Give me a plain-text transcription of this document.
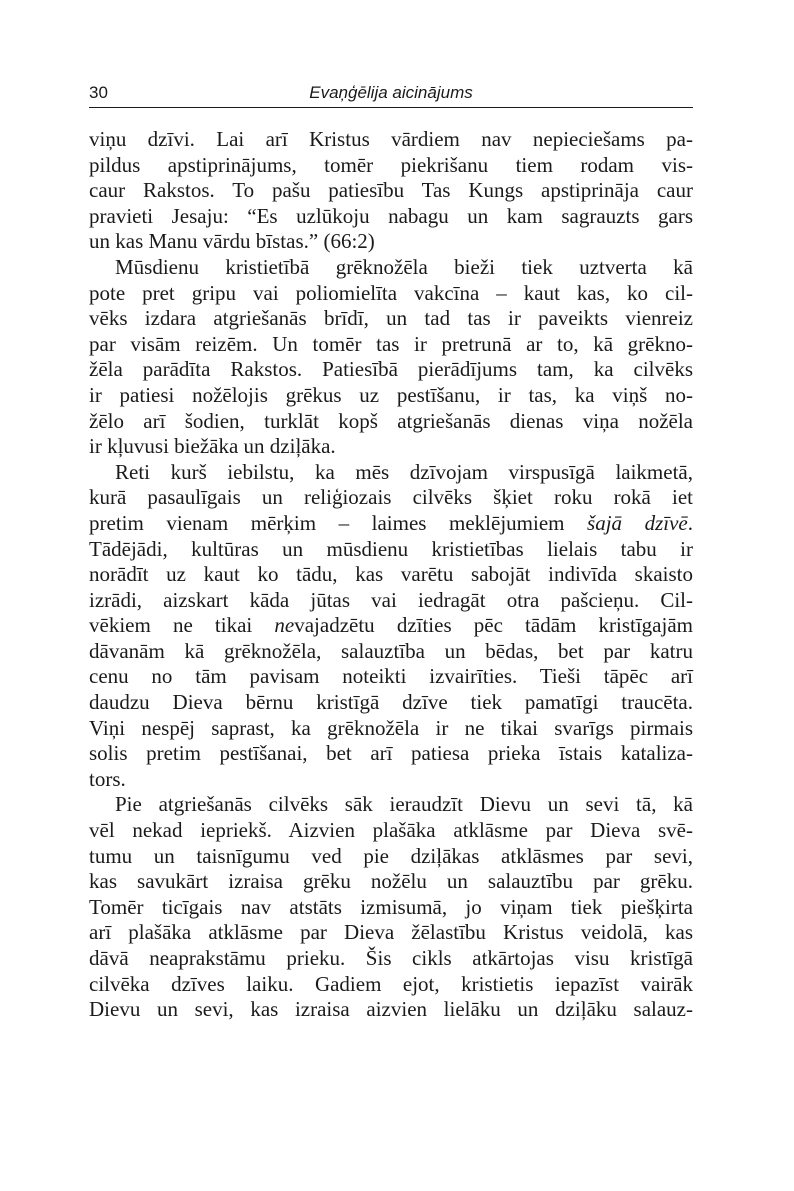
30	Evaņģēlija aicinājums
viņu dzīvi. Lai arī Kristus vārdiem nav nepieciešams pa-
pildus apstiprinājums, tomēr piekrišanu tiem rodam vis-
caur Rakstos. To pašu patiesību Tas Kungs apstiprināja caur
pravieti Jesaju: “Es uzlūkoju nabagu un kam sagrauzts gars
un kas Manu vārdu bīstas.” (66:2)
Mūsdienu kristietībā grēknožēla bieži tiek uztverta kā
pote pret gripu vai poliomielīta vakcīna – kaut kas, ko cil-
vēks izdara atgriešanās brīdī, un tad tas ir paveikts vienreiz
par visām reizēm. Un tomēr tas ir pretrunā ar to, kā grēkno-
žēla parādīta Rakstos. Patiesībā pierādījums tam, ka cilvēks
ir patiesi nožēlojis grēkus uz pestīšanu, ir tas, ka viņš no-
žēlo arī šodien, turklāt kopš atgriešanās dienas viņa nožēla
ir kļuvusi biežāka un dziļāka.
Reti kurš iebilstu, ka mēs dzīvojam virspusīgā laikmetā,
kurā pasaulīgais un reliģiozais cilvēks šķiet roku rokā iet
pretim vienam mērķim – laimes meklējumiem šajā dzīvē.
Tādējādi, kultūras un mūsdienu kristietības lielais tabu ir
norādīt uz kaut ko tādu, kas varētu sabojāt indivīda skaisto
izrādi, aizskart kāda jūtas vai iedragāt otra pašcieņu. Cil-
vēkiem ne tikai nevajadzētu dzīties pēc tādām kristīgajām
dāvanām kā grēknožēla, salauztība un bēdas, bet par katru
cenu no tām pavisam noteikti izvairīties. Tieši tāpēc arī
daudzu Dieva bērnu kristīgā dzīve tiek pamatīgi traucēta.
Viņi nespēj saprast, ka grēknožēla ir ne tikai svarīgs pirmais
solis pretim pestīšanai, bet arī patiesa prieka īstais kataliza-
tors.
Pie atgriešanās cilvēks sāk ieraudzīt Dievu un sevi tā, kā
vēl nekad iepriekš. Aizvien plašāka atklāsme par Dieva svē-
tumu un taisnīgumu ved pie dziļākas atklāsmes par sevi,
kas savukārt izraisa grēku nožēlu un salauztību par grēku.
Tomēr ticīgais nav atstāts izmisumā, jo viņam tiek piešķirta
arī plašāka atklāsme par Dieva žēlastību Kristus veidolā, kas
dāvā neaprakstāmu prieku. Šis cikls atkārtojas visu kristīgā
cilvēka dzīves laiku. Gadiem ejot, kristietis iepazīst vairāk
Dievu un sevi, kas izraisa aizvien lielāku un dziļāku salauz-
